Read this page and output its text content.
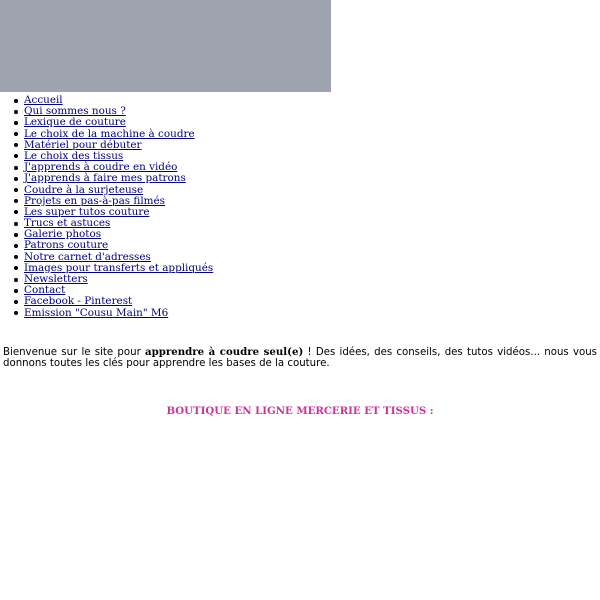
Accueil
Qui sommes nous ?
Lexique de couture
Le choix de la machine à coudre
Matériel pour débuter
Le choix des tissus
J'apprends à coudre en vidéo
J'apprends à faire mes patrons
Coudre à la surjeteuse
Projets en pas-à-pas filmés
Les super tutos couture
Trucs et astuces
Galerie photos
Patrons couture
Notre carnet d'adresses
Images pour transferts et appliqués
Newsletters
Contact
Facebook - Pinterest
Emission "Cousu Main" M6

Bienvenue sur le site pour apprendre à coudre seul(e) ! Des idées, des conseils, des tutos vidéos... nous vous donnons toutes les clés pour apprendre les bases de la couture.

BOUTIQUE EN LIGNE MERCERIE ET TISSUS :
